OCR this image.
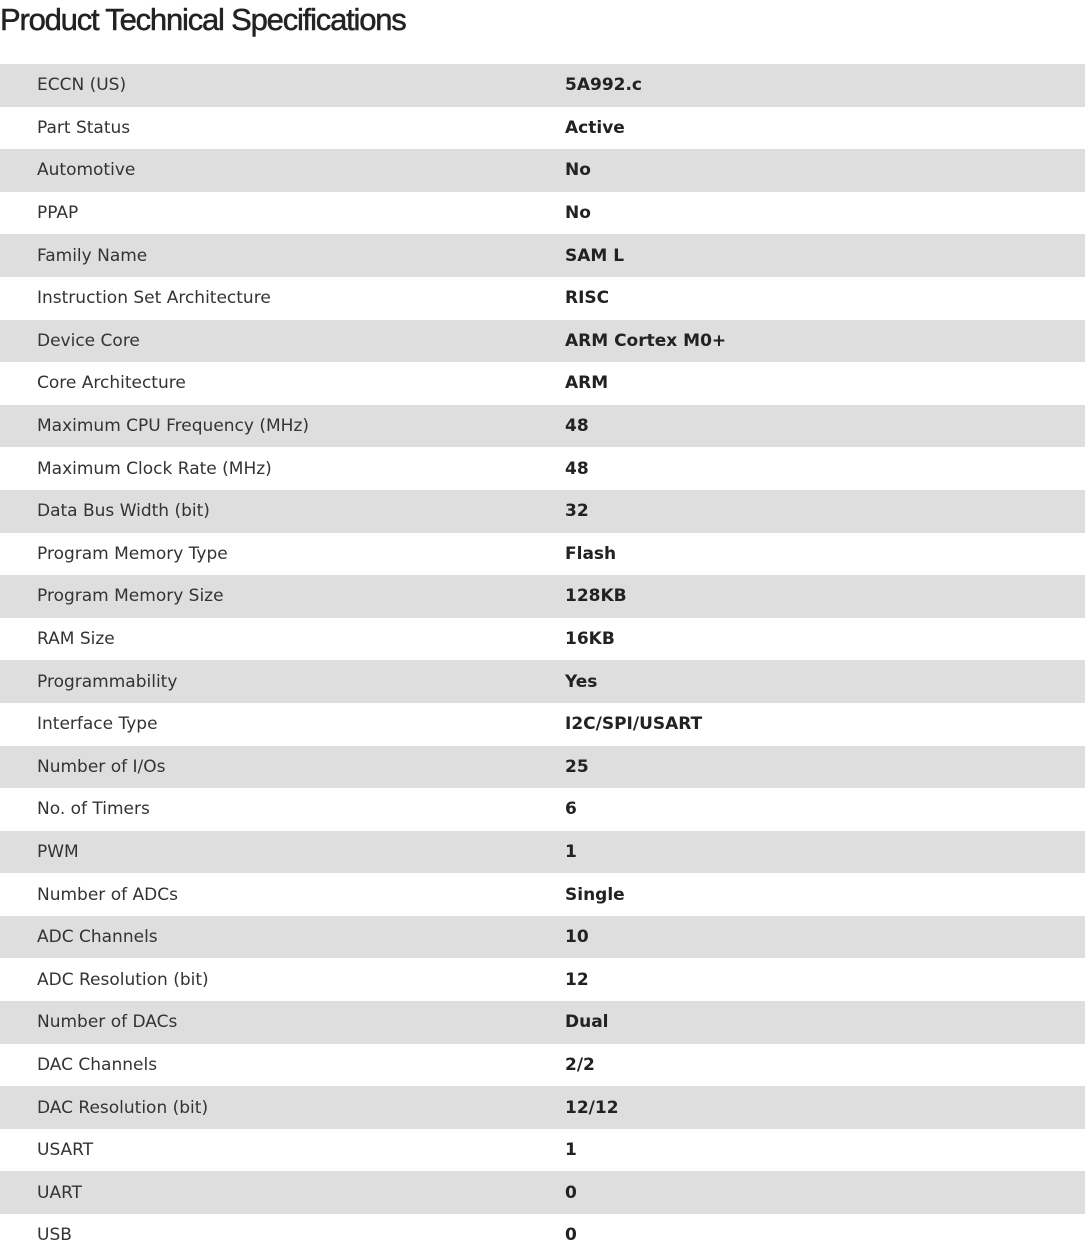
Product Technical Specifications
ECCN (US)	5A992.c
Part Status	Active
Automotive	No
PPAP	No
Family Name	SAM L
Instruction Set Architecture	RISC
Device Core	ARM Cortex M0+
Core Architecture	ARM
Maximum CPU Frequency (MHz)	48
Maximum Clock Rate (MHz)	48
Data Bus Width (bit)	32
Program Memory Type	Flash
Program Memory Size	128KB
RAM Size	16KB
Programmability	Yes
Interface Type	I2C/SPI/USART
Number of I/Os	25
No. of Timers	6
PWM	1
Number of ADCs	Single
ADC Channels	10
ADC Resolution (bit)	12
Number of DACs	Dual
DAC Channels	2/2
DAC Resolution (bit)	12/12
USART	1
UART	0
USB	0
